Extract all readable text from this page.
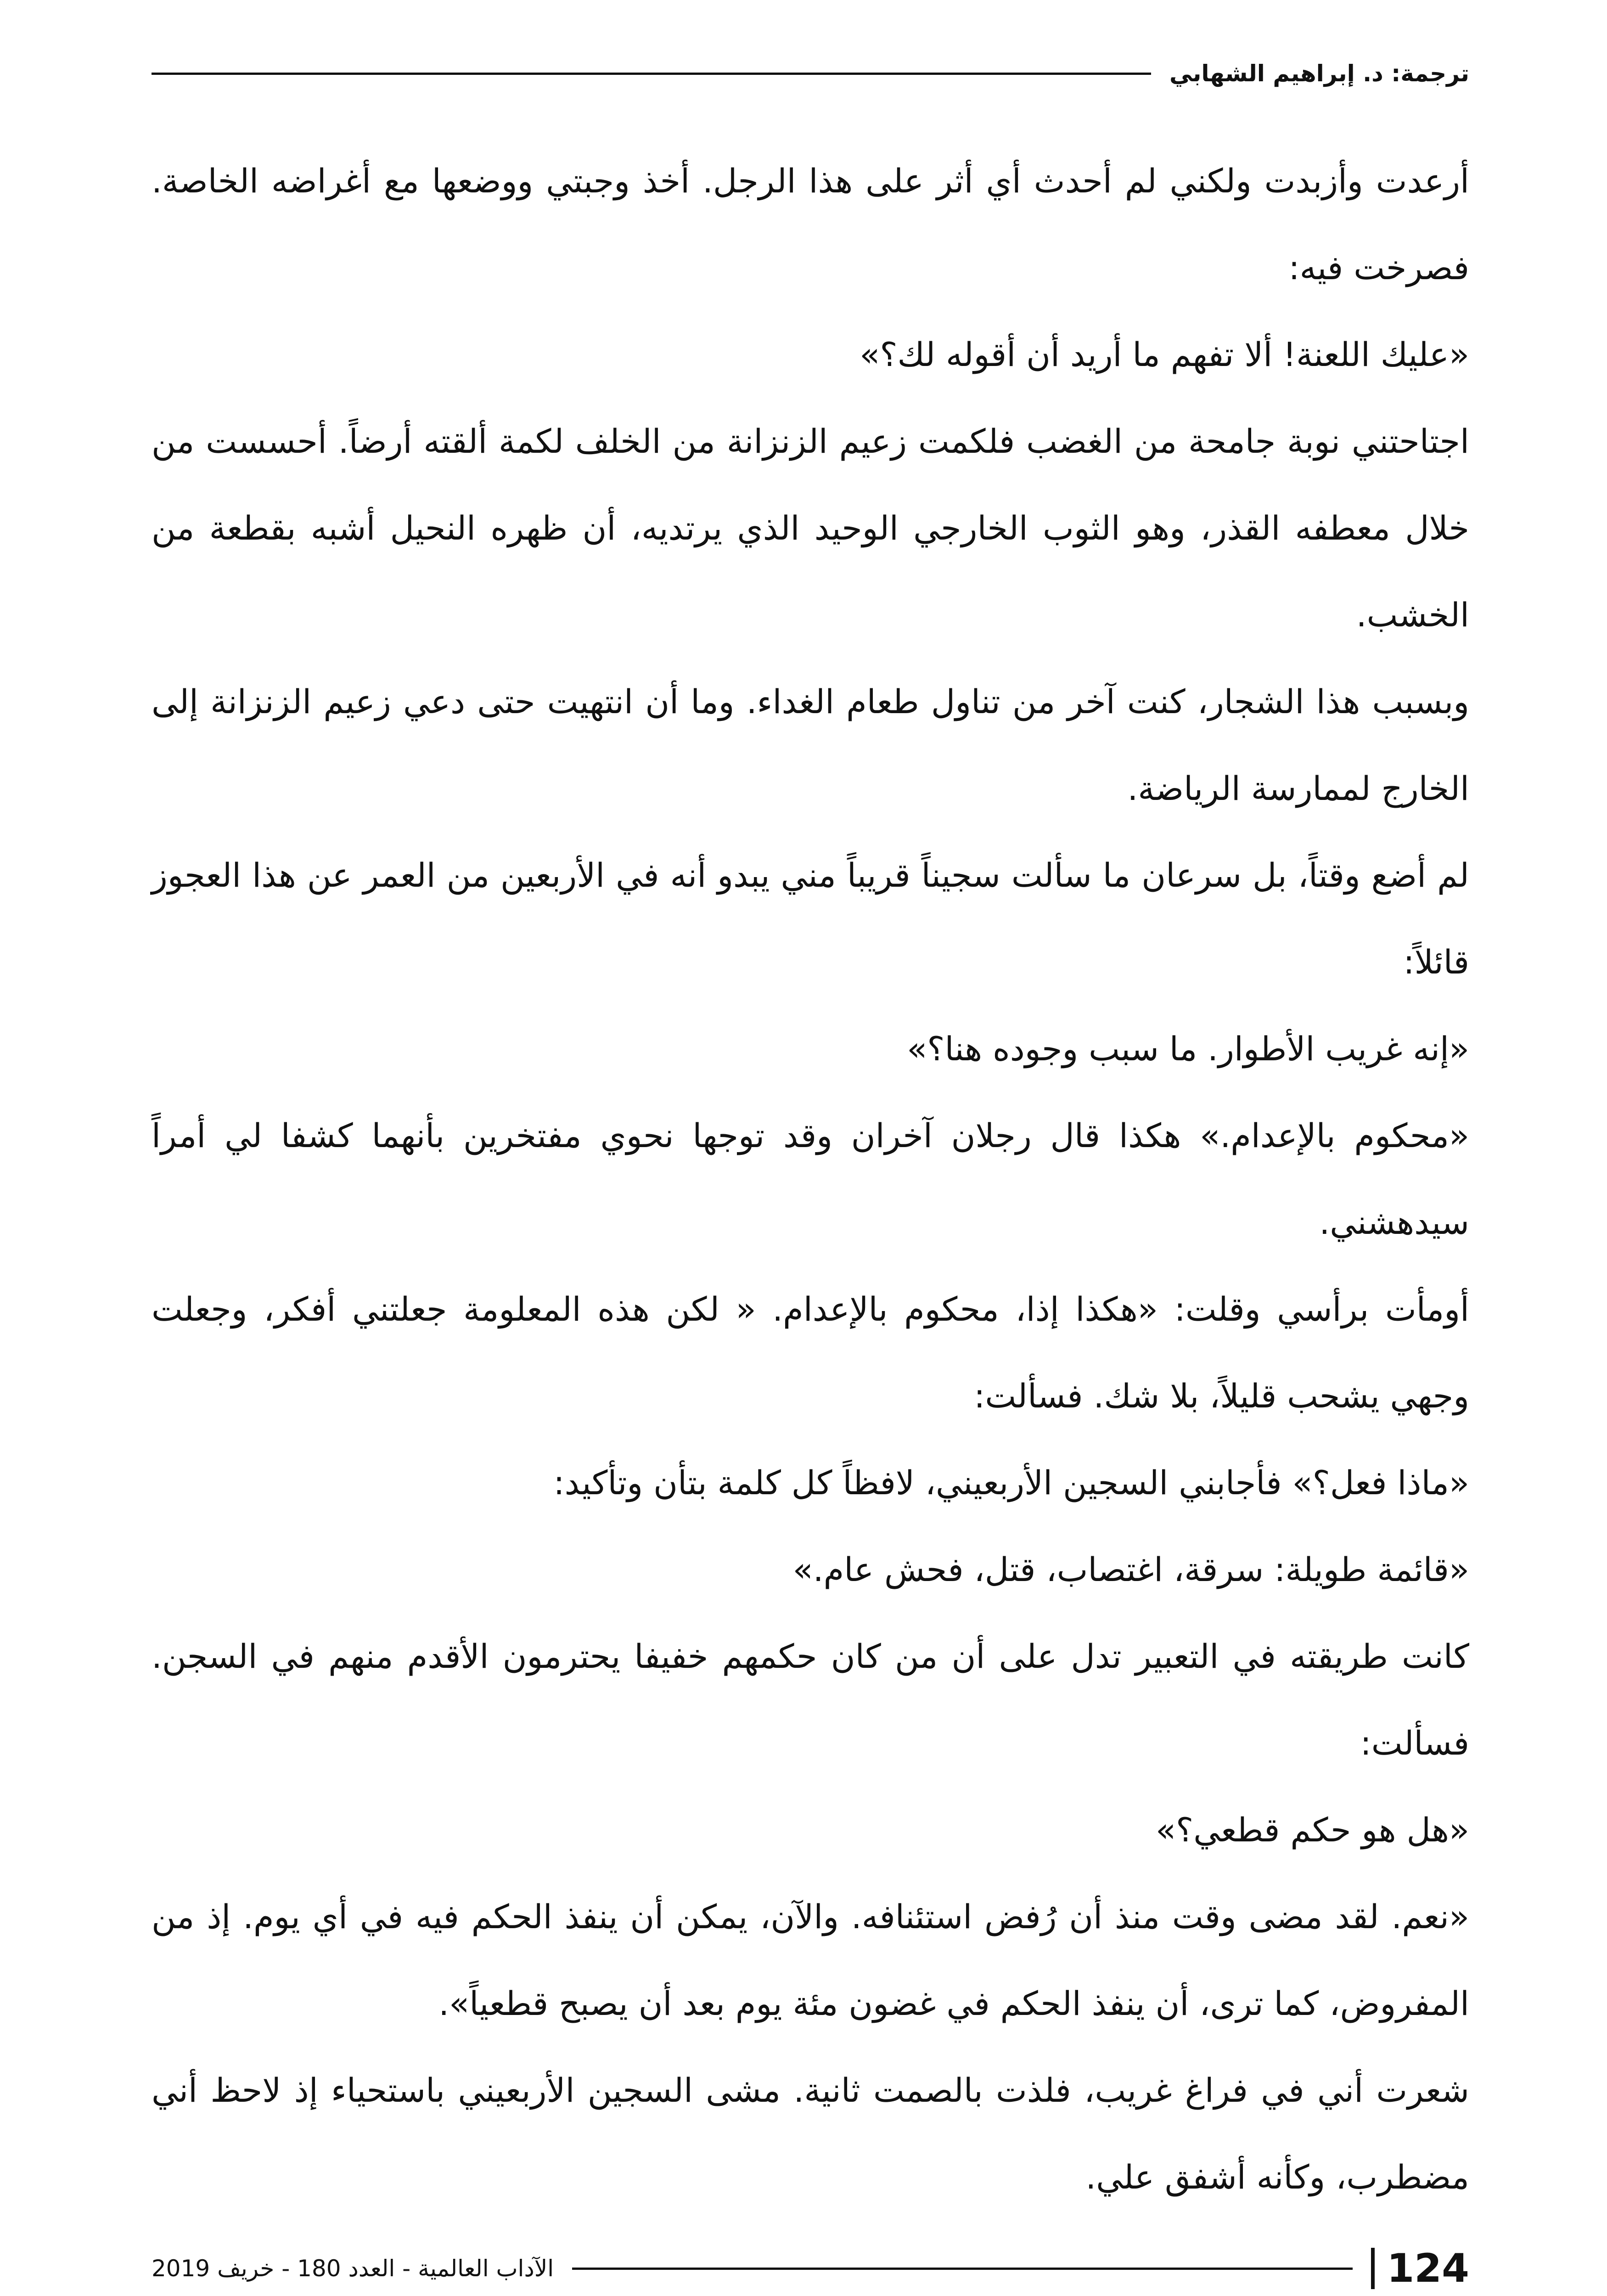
ترجمة: د. إبراهيم الشهابي

أرعدت وأزبدت ولكني لم أحدث أي أثر على هذا الرجل. أخذ وجبتي ووضعها مع أغراضه الخاصة. فصرخت فيه:

«عليك اللعنة! ألا تفهم ما أريد أن أقوله لك؟»

اجتاحتني نوبة جامحة من الغضب فلكمت زعيم الزنزانة من الخلف لكمة ألقته أرضاً. أحسست من خلال معطفه القذر، وهو الثوب الخارجي الوحيد الذي يرتديه، أن ظهره النحيل أشبه بقطعة من الخشب.

وبسبب هذا الشجار، كنت آخر من تناول طعام الغداء. وما أن انتهيت حتى دعي زعيم الزنزانة إلى الخارج لممارسة الرياضة.

لم أضع وقتاً، بل سرعان ما سألت سجيناً قريباً مني يبدو أنه في الأربعين من العمر عن هذا العجوز قائلاً:

«إنه غريب الأطوار. ما سبب وجوده هنا؟»

«محكوم بالإعدام.» هكذا قال رجلان آخران وقد توجها نحوي مفتخرين بأنهما كشفا لي أمراً سيدهشني.

أومأت برأسي وقلت: «هكذا إذا، محكوم بالإعدام. « لكن هذه المعلومة جعلتني أفكر، وجعلت وجهي يشحب قليلاً، بلا شك. فسألت:

«ماذا فعل؟» فأجابني السجين الأربعيني، لافظاً كل كلمة بتأن وتأكيد:

«قائمة طويلة: سرقة، اغتصاب، قتل، فحش عام.»

كانت طريقته في التعبير تدل على أن من كان حكمهم خفيفا يحترمون الأقدم منهم في السجن. فسألت:

«هل هو حكم قطعي؟»

«نعم. لقد مضى وقت منذ أن رُفض استئنافه. والآن، يمكن أن ينفذ الحكم فيه في أي يوم. إذ من المفروض، كما ترى، أن ينفذ الحكم في غضون مئة يوم بعد أن يصبح قطعياً».

شعرت أني في فراغ غريب، فلذت بالصمت ثانية. مشى السجين الأربعيني باستحياء إذ لاحظ أني مضطرب، وكأنه أشفق علي.

124
الآداب العالمية - العدد 180 - خريف 2019
